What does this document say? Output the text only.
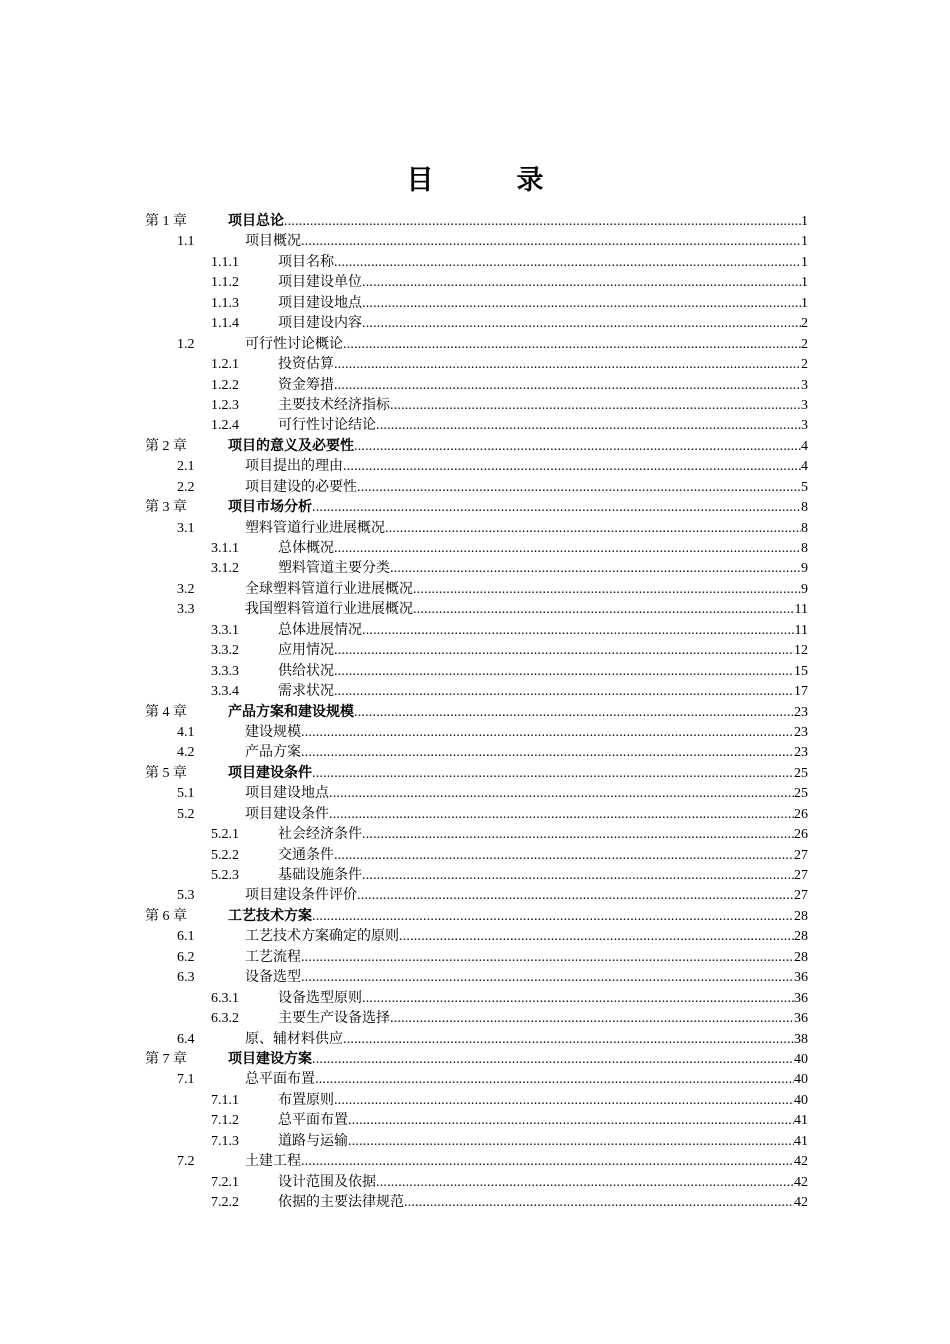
目　录
第 1 章	项目总论 .....	1
1.1	项目概况 .....	1
1.1.1	项目名称 .....	1
1.1.2	项目建设单位 .....	1
1.1.3	项目建设地点 .....	1
1.1.4	项目建设内容 .....	2
1.2	可行性讨论概论 .....	2
1.2.1	投资估算 .....	2
1.2.2	资金筹措 .....	3
1.2.3	主要技术经济指标 .....	3
1.2.4	可行性讨论结论 .....	3
第 2 章	项目的意义及必要性 .....	4
2.1	项目提出的理由 .....	4
2.2	项目建设的必要性 .....	5
第 3 章	项目市场分析 .....	8
3.1	塑料管道行业进展概况 .....	8
3.1.1	总体概况 .....	8
3.1.2	塑料管道主要分类 .....	9
3.2	全球塑料管道行业进展概况 .....	9
3.3	我国塑料管道行业进展概况 .....	11
3.3.1	总体进展情况 .....	11
3.3.2	应用情况 .....	12
3.3.3	供给状况 .....	15
3.3.4	需求状况 .....	17
第 4 章	产品方案和建设规模 .....	23
4.1	建设规模 .....	23
4.2	产品方案 .....	23
第 5 章	项目建设条件 .....	25
5.1	项目建设地点 .....	25
5.2	项目建设条件 .....	26
5.2.1	社会经济条件 .....	26
5.2.2	交通条件 .....	27
5.2.3	基础设施条件 .....	27
5.3	项目建设条件评价 .....	27
第 6 章	工艺技术方案 .....	28
6.1	工艺技术方案确定的原则 .....	28
6.2	工艺流程 .....	28
6.3	设备选型 .....	36
6.3.1	设备选型原则 .....	36
6.3.2	主要生产设备选择 .....	36
6.4	原、辅材料供应 .....	38
第 7 章	项目建设方案 .....	40
7.1	总平面布置 .....	40
7.1.1	布置原则 .....	40
7.1.2	总平面布置 .....	41
7.1.3	道路与运输 .....	41
7.2	土建工程 .....	42
7.2.1	设计范围及依据 .....	42
7.2.2	依据的主要法律规范 .....	42
